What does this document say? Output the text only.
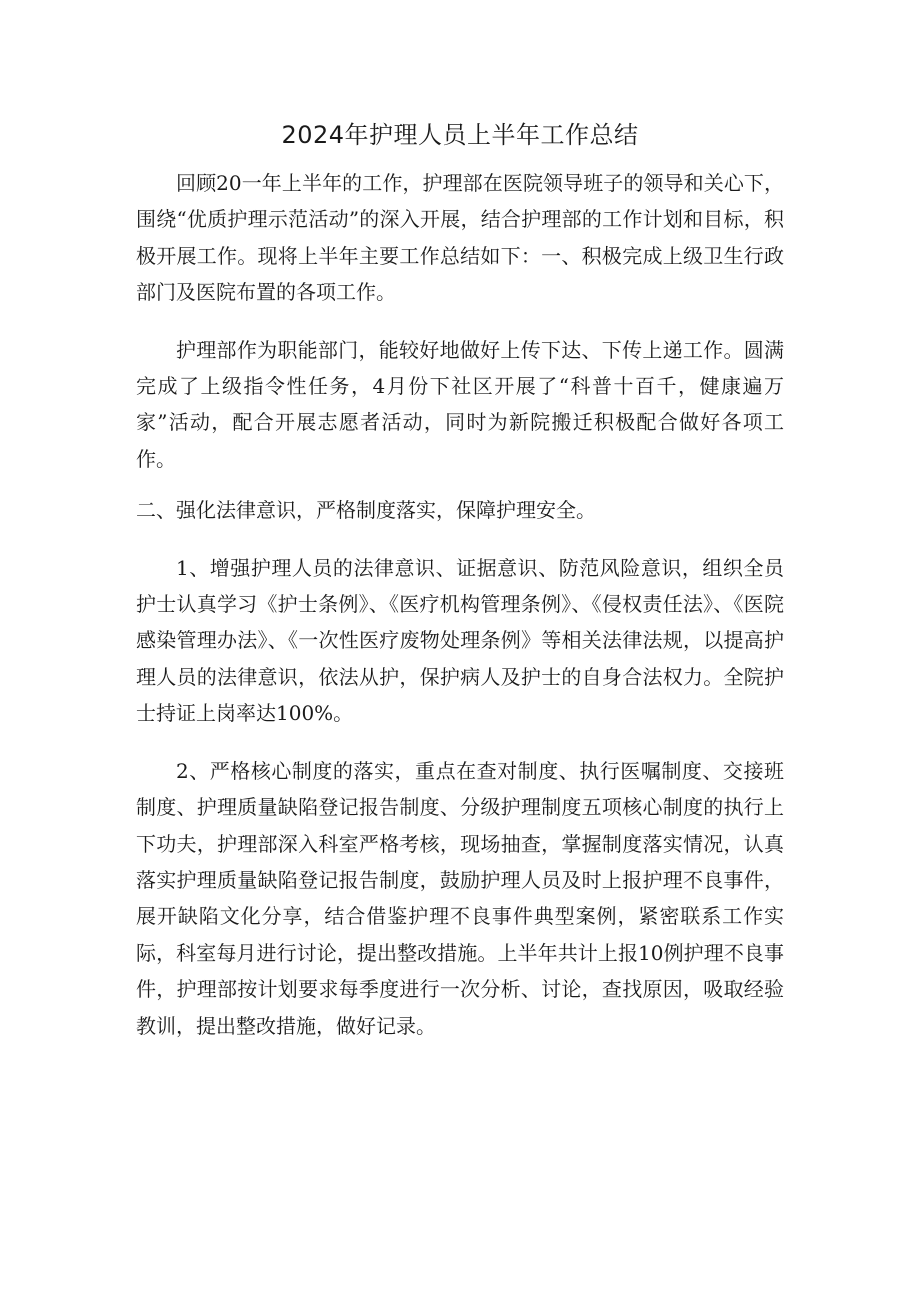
2024年护理人员上半年工作总结

回顾20一年上半年的工作，护理部在医院领导班子的领导和关心下，围绕“优质护理示范活动”的深入开展，结合护理部的工作计划和目标，积极开展工作。现将上半年主要工作总结如下：一、积极完成上级卫生行政部门及医院布置的各项工作。

护理部作为职能部门，能较好地做好上传下达、下传上递工作。圆满完成了上级指令性任务，4月份下社区开展了“科普十百千，健康遍万家”活动，配合开展志愿者活动，同时为新院搬迁积极配合做好各项工作。

二、强化法律意识，严格制度落实，保障护理安全。

1、增强护理人员的法律意识、证据意识、防范风险意识，组织全员护士认真学习《护士条例》、《医疗机构管理条例》、《侵权责任法》、《医院感染管理办法》、《一次性医疗废物处理条例》等相关法律法规，以提高护理人员的法律意识，依法从护，保护病人及护士的自身合法权力。全院护士持证上岗率达100%。

2、严格核心制度的落实，重点在查对制度、执行医嘱制度、交接班制度、护理质量缺陷登记报告制度、分级护理制度五项核心制度的执行上下功夫，护理部深入科室严格考核，现场抽查，掌握制度落实情况，认真落实护理质量缺陷登记报告制度，鼓励护理人员及时上报护理不良事件，展开缺陷文化分享，结合借鉴护理不良事件典型案例，紧密联系工作实际，科室每月进行讨论，提出整改措施。上半年共计上报10例护理不良事件，护理部按计划要求每季度进行一次分析、讨论，查找原因，吸取经验教训，提出整改措施，做好记录。
